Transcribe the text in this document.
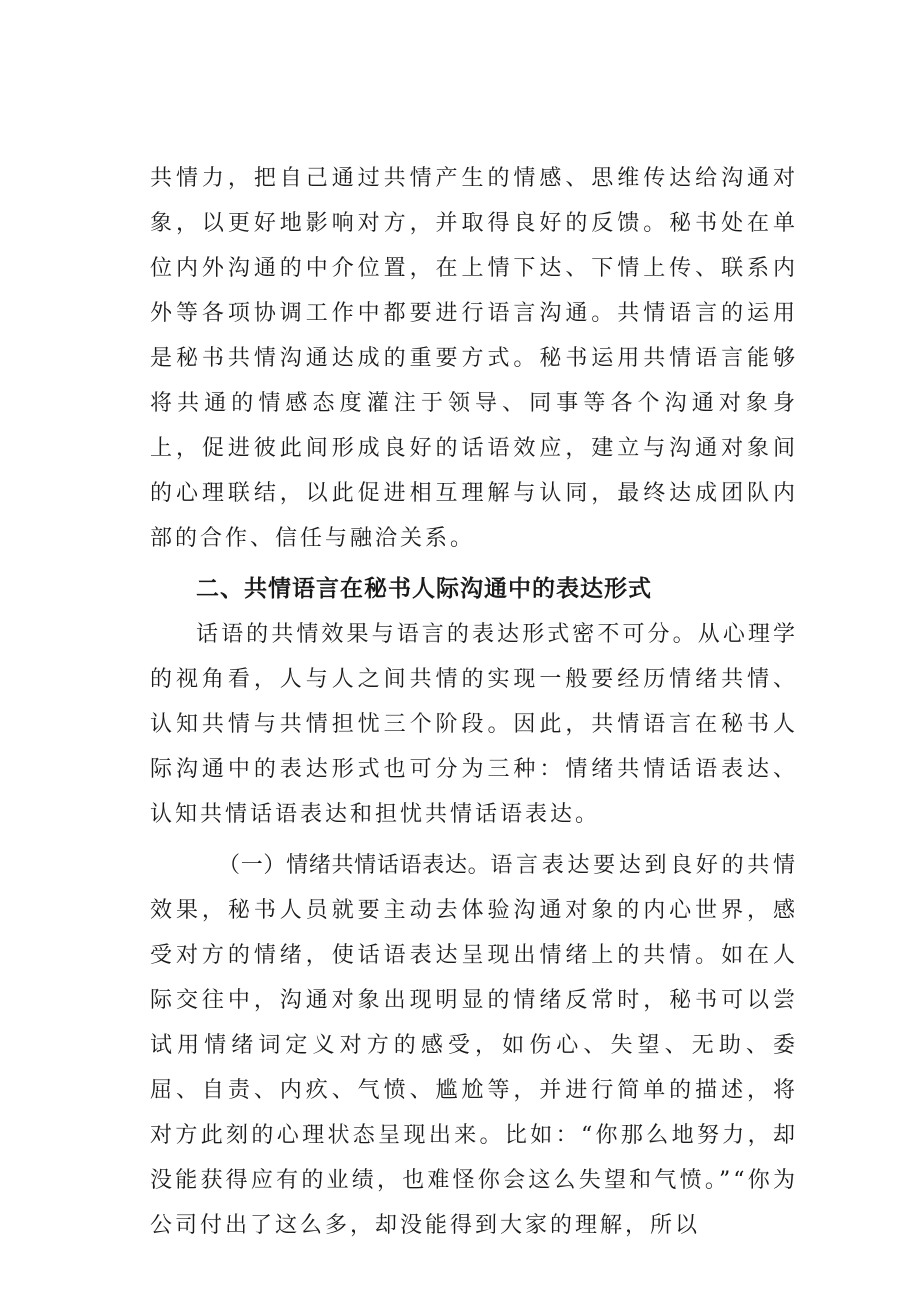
共情力，把自己通过共情产生的情感、思维传达给沟通对象，以更好地影响对方，并取得良好的反馈。秘书处在单位内外沟通的中介位置，在上情下达、下情上传、联系内外等各项协调工作中都要进行语言沟通。共情语言的运用是秘书共情沟通达成的重要方式。秘书运用共情语言能够将共通的情感态度灌注于领导、同事等各个沟通对象身上，促进彼此间形成良好的话语效应，建立与沟通对象间的心理联结，以此促进相互理解与认同，最终达成团队内部的合作、信任与融洽关系。

二、共情语言在秘书人际沟通中的表达形式

话语的共情效果与语言的表达形式密不可分。从心理学的视角看，人与人之间共情的实现一般要经历情绪共情、认知共情与共情担忧三个阶段。因此，共情语言在秘书人际沟通中的表达形式也可分为三种：情绪共情话语表达、认知共情话语表达和担忧共情话语表达。

（一）情绪共情话语表达。语言表达要达到良好的共情效果，秘书人员就要主动去体验沟通对象的内心世界，感受对方的情绪，使话语表达呈现出情绪上的共情。如在人际交往中，沟通对象出现明显的情绪反常时，秘书可以尝试用情绪词定义对方的感受，如伤心、失望、无助、委屈、自责、内疚、气愤、尴尬等，并进行简单的描述，将对方此刻的心理状态呈现出来。比如：“你那么地努力，却没能获得应有的业绩，也难怪你会这么失望和气愤。”“你为公司付出了这么多，却没能得到大家的理解，所以
